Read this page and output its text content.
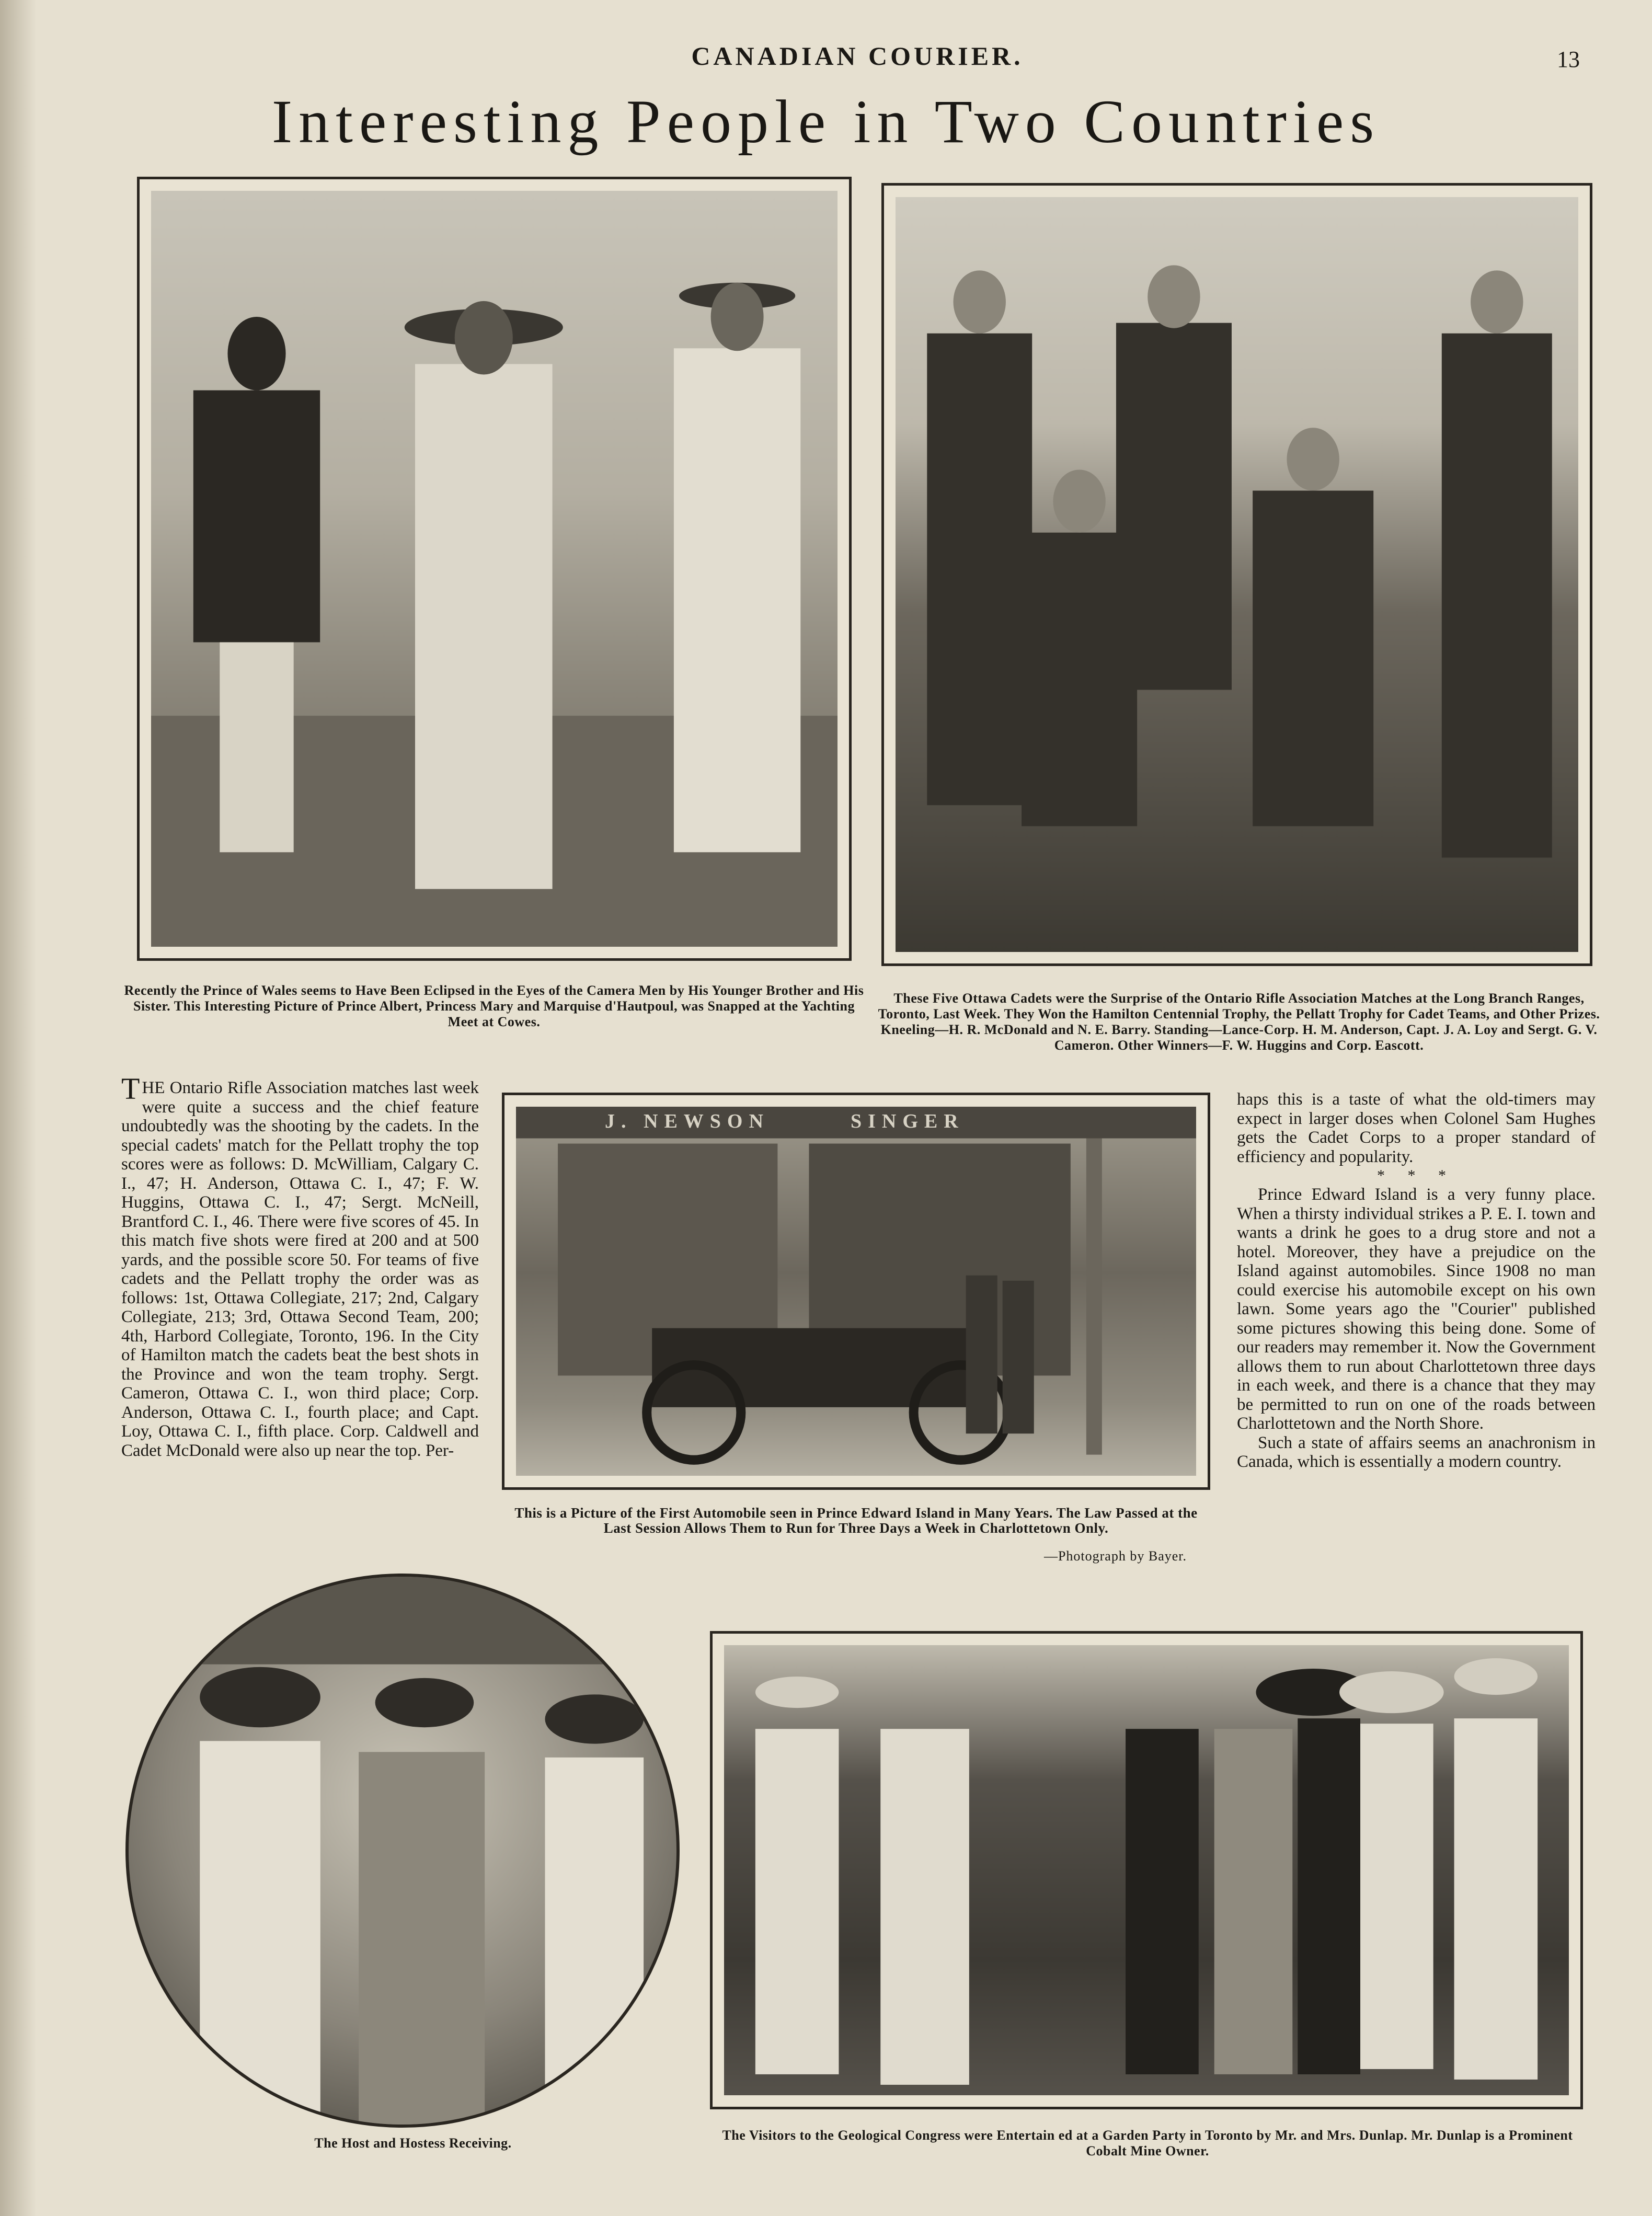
CANADIAN COURIER.	13
Interesting People in Two Countries
Recently the Prince of Wales seems to Have Been Eclipsed in the Eyes of the Camera Men by His Younger Brother and His Sister. This Interesting Picture of Prince Albert, Princess Mary and Marquise d'Hautpoul, was Snapped at the Yachting Meet at Cowes.
These Five Ottawa Cadets were the Surprise of the Ontario Rifle Association Matches at the Long Branch Ranges, Toronto, Last Week. They Won the Hamilton Centennial Trophy, the Pellatt Trophy for Cadet Teams, and Other Prizes. Kneeling—H. R. McDonald and N. E. Barry. Standing—Lance-Corp. H. M. Anderson, Capt. J. A. Loy and Sergt. G. V. Cameron. Other Winners—F. W. Huggins and Corp. Eascott.

THE Ontario Rifle Association matches last week were quite a success and the chief feature undoubtedly was the shooting by the cadets. In the special cadets' match for the Pellatt trophy the top scores were as follows: D. McWilliam, Calgary C. I., 47; H. Anderson, Ottawa C. I., 47; F. W. Huggins, Ottawa C. I., 47; Sergt. McNeill, Brantford C. I., 46. There were five scores of 45. In this match five shots were fired at 200 and at 500 yards, and the possible score 50. For teams of five cadets and the Pellatt trophy the order was as follows: 1st, Ottawa Collegiate, 217; 2nd, Calgary Collegiate, 213; 3rd, Ottawa Second Team, 200; 4th, Harbord Collegiate, Toronto, 196. In the City of Hamilton match the cadets beat the best shots in the Province and won the team trophy. Sergt. Cameron, Ottawa C. I., won third place; Corp. Anderson, Ottawa C. I., fourth place; and Capt. Loy, Ottawa C. I., fifth place. Corp. Caldwell and Cadet McDonald were also up near the top. Per-

J. NEWSON	SINGER
This is a Picture of the First Automobile seen in Prince Edward Island in Many Years. The Law Passed at the Last Session Allows Them to Run for Three Days a Week in Charlottetown Only.
—Photograph by Bayer.

haps this is a taste of what the old-timers may expect in larger doses when Colonel Sam Hughes gets the Cadet Corps to a proper standard of efficiency and popularity.

* * *

Prince Edward Island is a very funny place. When a thirsty individual strikes a P. E. I. town and wants a drink he goes to a drug store and not a hotel. Moreover, they have a prejudice on the Island against automobiles. Since 1908 no man could exercise his automobile except on his own lawn. Some years ago the "Courier" published some pictures showing this being done. Some of our readers may remember it. Now the Government allows them to run about Charlottetown three days in each week, and there is a chance that they may be permitted to run on one of the roads between Charlottetown and the North Shore.

Such a state of affairs seems an anachronism in Canada, which is essentially a modern country.

The Host and Hostess Receiving.
The Visitors to the Geological Congress were Entertain ed at a Garden Party in Toronto by Mr. and Mrs. Dunlap. Mr. Dunlap is a Prominent Cobalt Mine Owner.
